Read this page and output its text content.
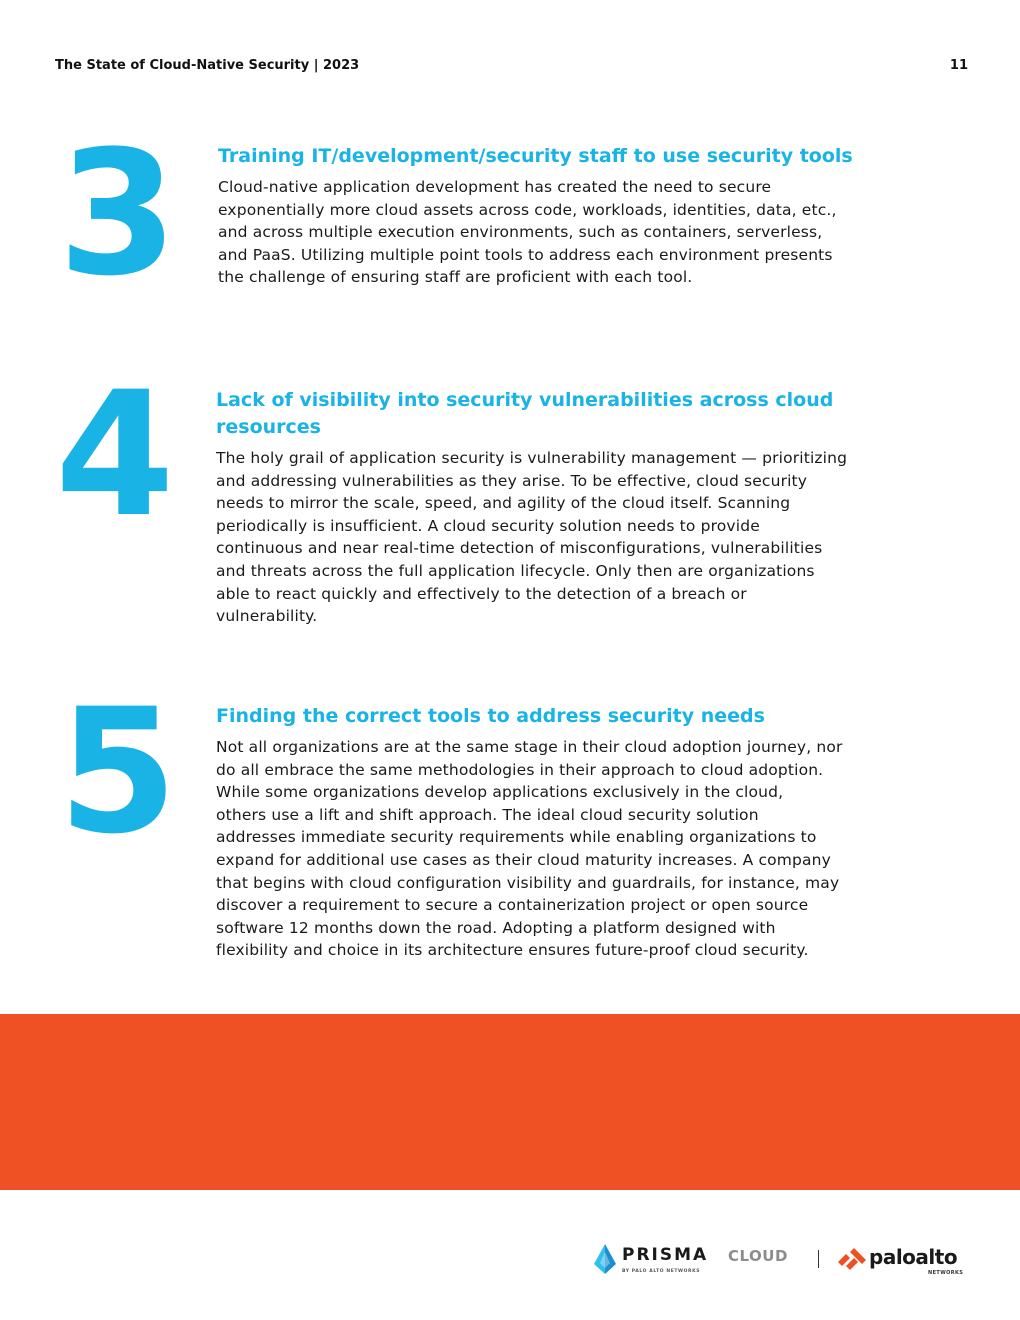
The State of Cloud-Native Security | 2023	11
3 Training IT/development/security staff to use security tools
Cloud-native application development has created the need to secure
exponentially more cloud assets across code, workloads, identities, data, etc.,
and across multiple execution environments, such as containers, serverless,
and PaaS. Utilizing multiple point tools to address each environment presents
the challenge of ensuring staff are proficient with each tool.
4 Lack of visibility into security vulnerabilities across cloud
resources
The holy grail of application security is vulnerability management — prioritizing
and addressing vulnerabilities as they arise. To be effective, cloud security
needs to mirror the scale, speed, and agility of the cloud itself. Scanning
periodically is insufficient. A cloud security solution needs to provide
continuous and near real-time detection of misconfigurations, vulnerabilities
and threats across the full application lifecycle. Only then are organizations
able to react quickly and effectively to the detection of a breach or
vulnerability.
5 Finding the correct tools to address security needs
Not all organizations are at the same stage in their cloud adoption journey, nor
do all embrace the same methodologies in their approach to cloud adoption.
While some organizations develop applications exclusively in the cloud,
others use a lift and shift approach. The ideal cloud security solution
addresses immediate security requirements while enabling organizations to
expand for additional use cases as their cloud maturity increases. A company
that begins with cloud configuration visibility and guardrails, for instance, may
discover a requirement to secure a containerization project or open source
software 12 months down the road. Adopting a platform designed with
flexibility and choice in its architecture ensures future-proof cloud security.
PRISMA CLOUD
BY PALO ALTO NETWORKS
paloalto
NETWORKS
